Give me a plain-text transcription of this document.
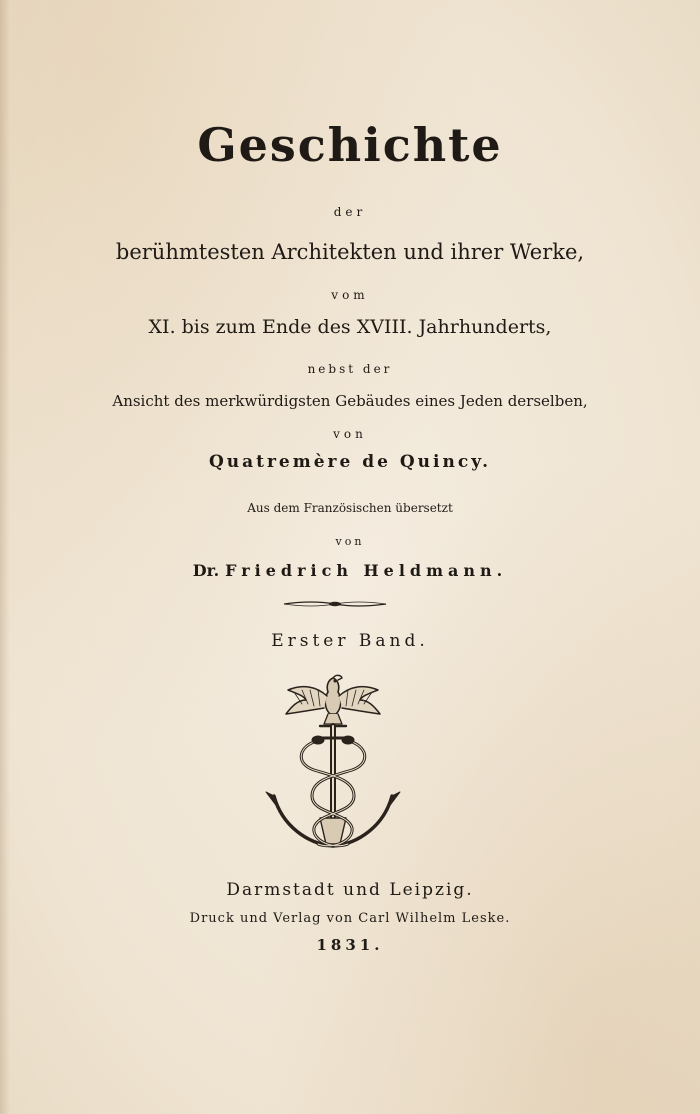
Geschichte
der
berühmtesten Architekten und ihrer Werke,
vom
XI. bis zum Ende des XVIII. Jahrhunderts,
nebst der
Ansicht des merkwürdigsten Gebäudes eines Jeden derselben,
von
Quatremère de Quincy.
Aus dem Französischen übersetzt
von
Dr. Friedrich Heldmann.
Erster Band.
Darmstadt und Leipzig.
Druck und Verlag von Carl Wilhelm Leske.
1831.
